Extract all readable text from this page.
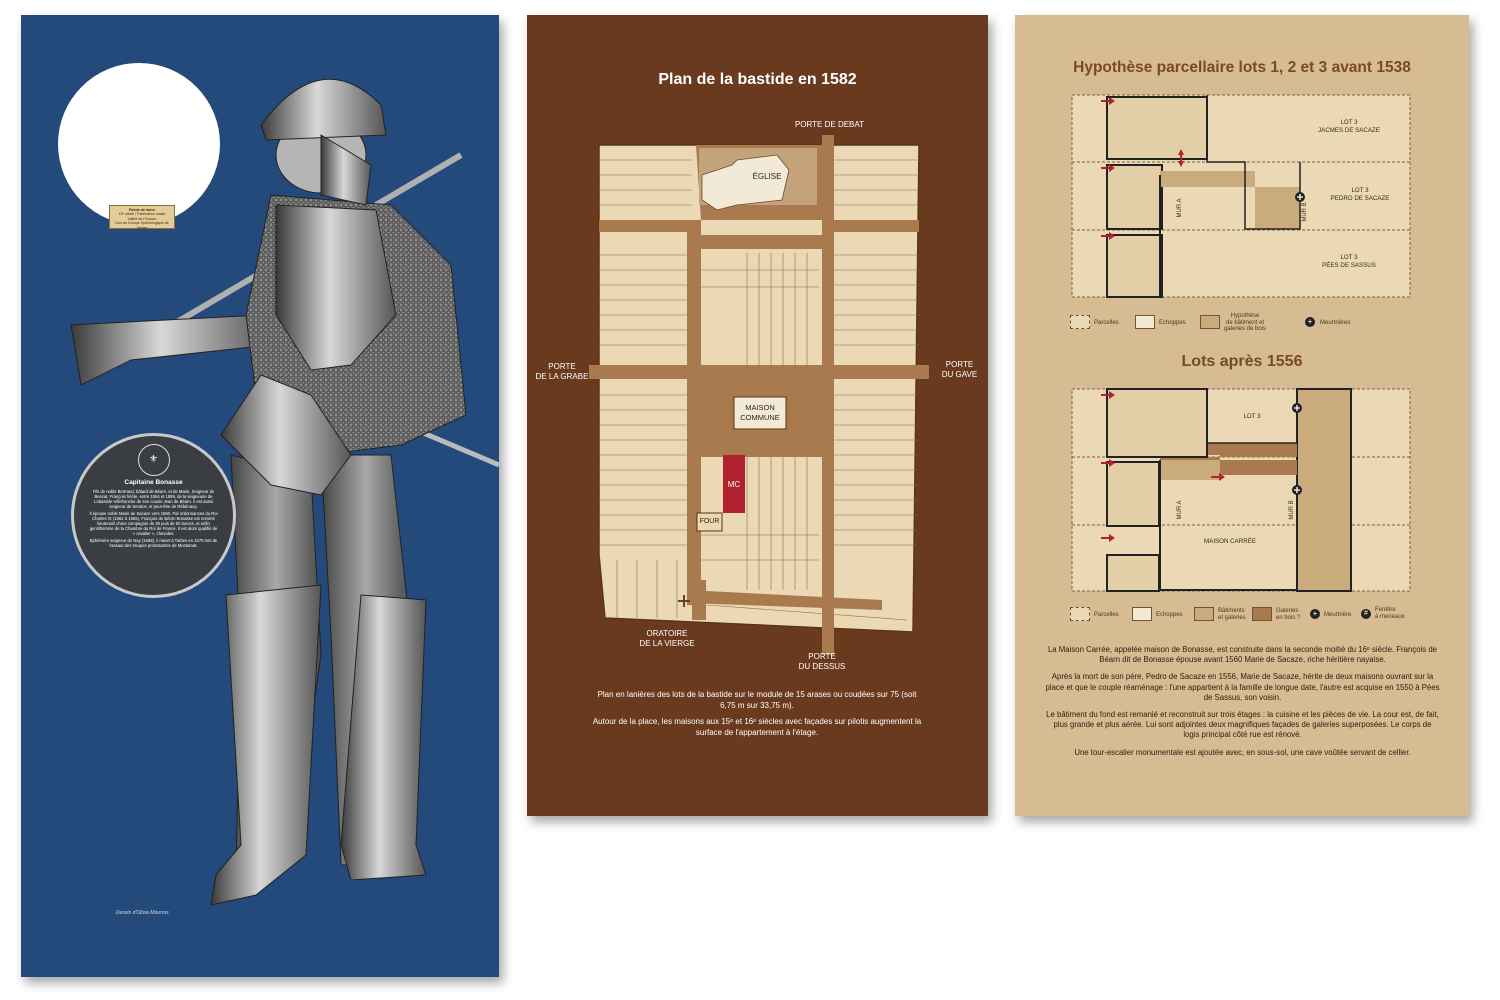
Pointe de lance
16ᵉ siècle / Fabrication locale
Vallée de l'Ouzom
Don du Groupe Spéléologique de Tarbes
⚜
Capitaine Bonasse

Fils de noble Bertrand, bâtard de Béarn, et de Marie, Seigneur de Bescat, François hérite, entre 1554 et 1559, de la seigneurie de Lobastide-Villefranche de son cousin Jean de Béarn. Il est aussi seigneur de Sendos, et peut-être de Rébénacq.

Il épouse noble Marie de Sacaze vers 1560. Par ordonnances du Roi Charles IX (1562 à 1565), François de Béarn Bonasse est nommé lieutenant d'une compagnie de 30 puis de 50 lances, et enfin gentilhomme de la Chambre du Roi de France. Il est alors qualifié de « cavalier », chevalier.

Ephémère seigneur de Nay (1569), il meurt à Tarbes en 1570 lors de l'assaut des troupes protestantes de Montamat.

Dessin d'Olivia Mourrus
Plan de la bastide en 1582
PORTE DE DEBAT
PORTE
DE LA GRABE
PORTE
DU GAVE
PORTE
DU DESSUS
ORATOIRE
DE LA VIERGE
ÉGLISE
MAISON
COMMUNE
MC
FOUR

Plan en lanières des lots de la bastide sur le module de 15 arases ou coudées sur 75 (soit 6,75 m sur 33,75 m).

Autour de la place, les maisons aux 15ᵉ et 16ᵉ siècles avec façades sur pilotis augmentent la surface de l'appartement à l'étage.

Hypothèse parcellaire lots 1, 2 et 3 avant 1538
LOT 3
JACMES DE SACAZE
LOT 3
PEDRO DE SACAZE
LOT 3
PÉES DE SASSUS
MUR A	MUR B
Parcelles	Echoppes
Hypothèse
de bâtiment et
galeries de bois
+	Meurtrières
Lots après 1556
LOT 3
MAISON CARRÉE
MUR A	MUR B
Parcelles	Echoppes
Bâtiments
et galeries
Galeries
en bois ?	+	Meurtrière	#	Fenêtre
à meneaux

La Maison Carrée, appelée maison de Bonasse, est construite dans la seconde moitié du 16ᵉ siècle. François de Béarn dit de Bonasse épouse avant 1560 Marie de Sacaze, riche héritière nayaise.

Après la mort de son père, Pedro de Sacaze en 1556, Marie de Sacaze, hérite de deux maisons ouvrant sur la place et que le couple réaménage : l'une appartient à la famille de longue date, l'autre est acquise en 1550 à Pées de Sassus, son voisin.

Le bâtiment du fond est remanié et reconstruit sur trois étages : la cuisine et les pièces de vie. La cour est, de fait, plus grande et plus aérée. Lui sont adjointes deux magnifiques façades de galeries superposées. Le corps de logis principal côté rue est rénové.

Une tour-escalier monumentale est ajoutée avec, en sous-sol, une cave voûtée servant de cellier.
